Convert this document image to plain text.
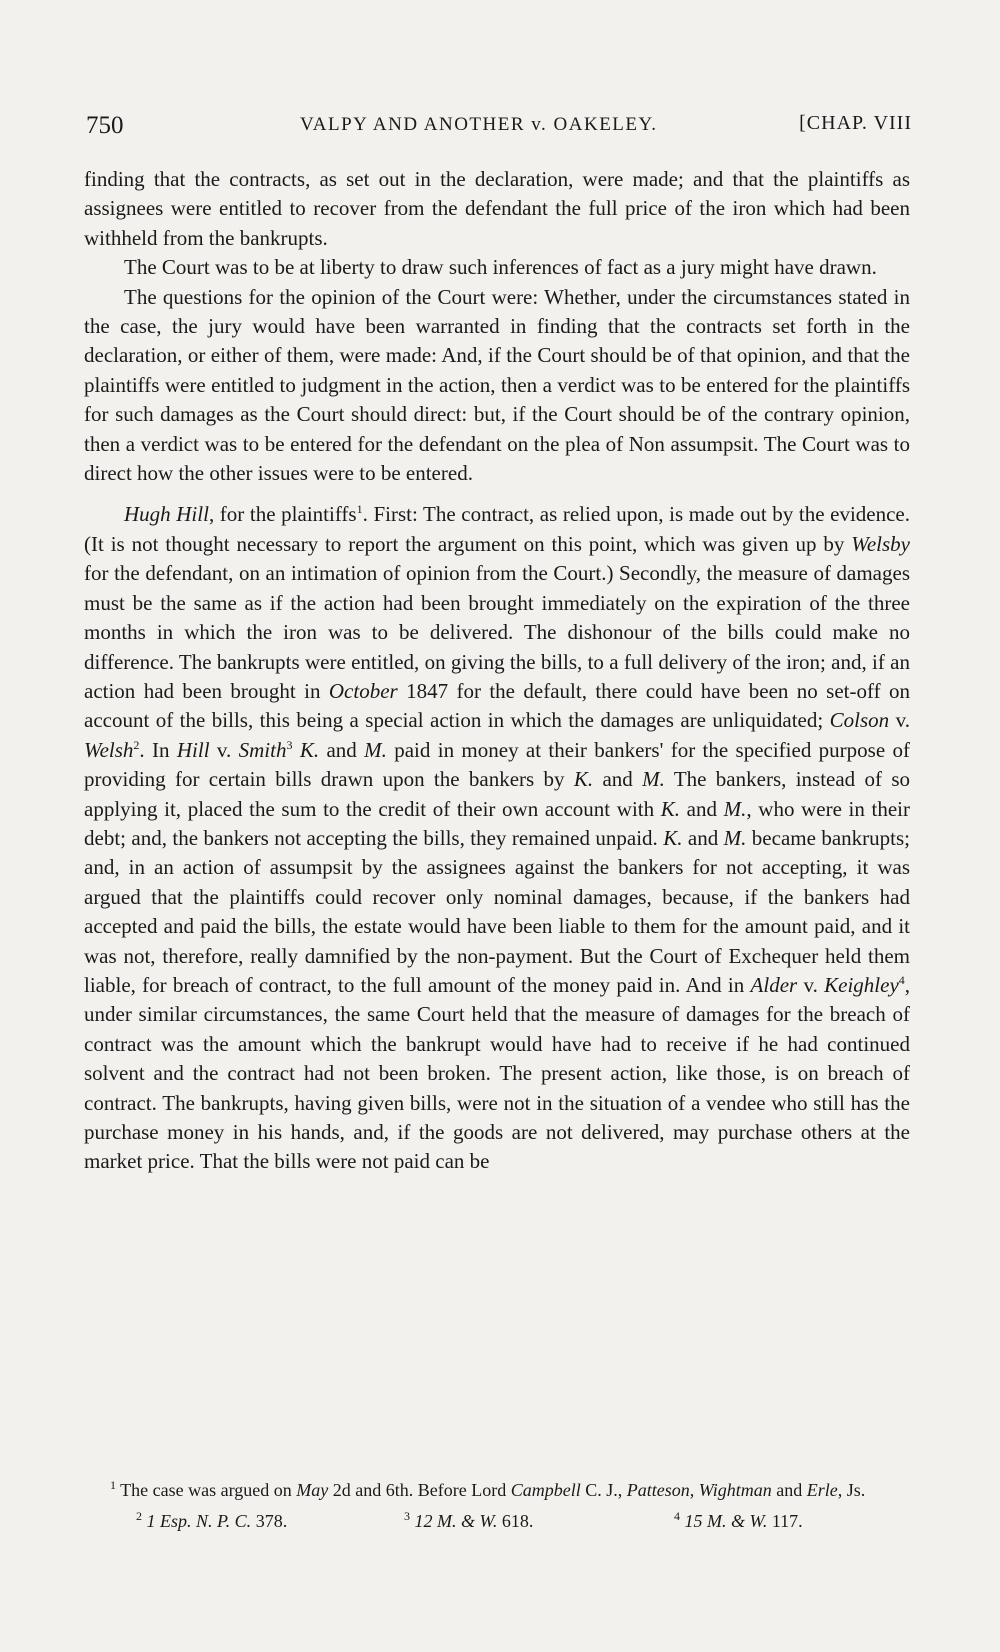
750	VALPY AND ANOTHER v. OAKELEY.	[CHAP. VIII

finding that the contracts, as set out in the declaration, were made; and that the plaintiffs as assignees were entitled to recover from the defendant the full price of the iron which had been withheld from the bankrupts.

The Court was to be at liberty to draw such inferences of fact as a jury might have drawn.

The questions for the opinion of the Court were: Whether, under the circumstances stated in the case, the jury would have been warranted in finding that the contracts set forth in the declaration, or either of them, were made: And, if the Court should be of that opinion, and that the plaintiffs were entitled to judgment in the action, then a verdict was to be entered for the plaintiffs for such damages as the Court should direct: but, if the Court should be of the contrary opinion, then a verdict was to be entered for the defendant on the plea of Non assumpsit. The Court was to direct how the other issues were to be entered.

Hugh Hill, for the plaintiffs$^1$. First: The contract, as relied upon, is made out by the evidence. (It is not thought necessary to report the argument on this point, which was given up by Welsby for the defendant, on an intimation of opinion from the Court.) Secondly, the measure of damages must be the same as if the action had been brought immediately on the expiration of the three months in which the iron was to be delivered. The dishonour of the bills could make no difference. The bankrupts were entitled, on giving the bills, to a full delivery of the iron; and, if an action had been brought in October 1847 for the default, there could have been no set-off on account of the bills, this being a special action in which the damages are unliquidated; Colson v. Welsh$^2$. In Hill v. Smith$^3$ K. and M. paid in money at their bankers' for the specified purpose of providing for certain bills drawn upon the bankers by K. and M. The bankers, instead of so applying it, placed the sum to the credit of their own account with K. and M., who were in their debt; and, the bankers not accepting the bills, they remained unpaid. K. and M. became bankrupts; and, in an action of assumpsit by the assignees against the bankers for not accepting, it was argued that the plaintiffs could recover only nominal damages, because, if the bankers had accepted and paid the bills, the estate would have been liable to them for the amount paid, and it was not, therefore, really damnified by the non-payment. But the Court of Exchequer held them liable, for breach of contract, to the full amount of the money paid in. And in Alder v. Keighley$^4$, under similar circumstances, the same Court held that the measure of damages for the breach of contract was the amount which the bankrupt would have had to receive if he had continued solvent and the contract had not been broken. The present action, like those, is on breach of contract. The bankrupts, having given bills, were not in the situation of a vendee who still has the purchase money in his hands, and, if the goods are not delivered, may purchase others at the market price. That the bills were not paid can be

$^1$ The case was argued on May 2d and 6th. Before Lord Campbell C. J., Patteson, Wightman and Erle, Js.

$^2$ 1 Esp. N. P. C. 378.	$^3$ 12 M. & W. 618.	$^4$ 15 M. & W. 117.
